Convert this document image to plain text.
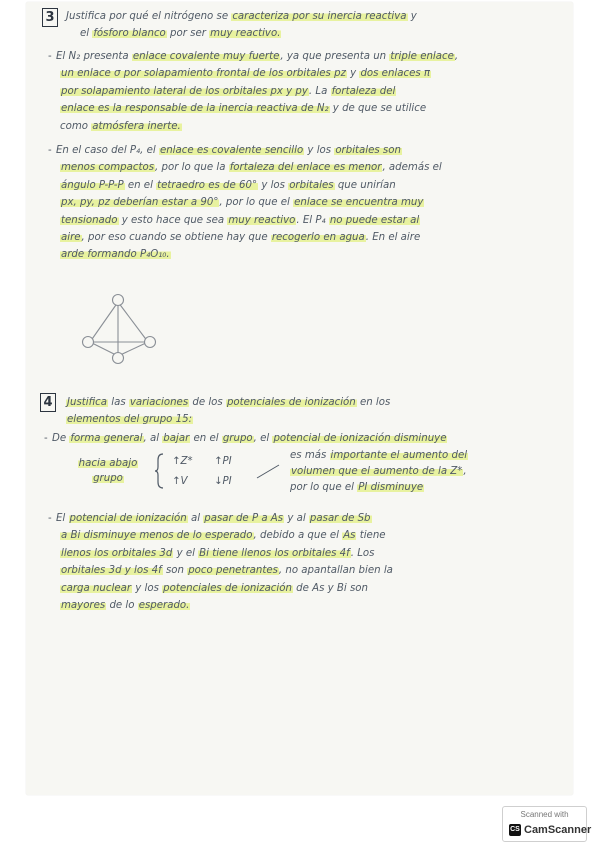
3	Justifica por qué el nitrógeno se caracteriza por su inercia reactiva y
el fósforo blanco por ser muy reactivo.
- El N₂ presenta enlace covalente muy fuerte, ya que presenta un triple enlace,
un enlace σ por solapamiento frontal de los orbitales pz y dos enlaces π
por solapamiento lateral de los orbitales px y py. La fortaleza del
enlace es la responsable de la inercia reactiva de N₂ y de que se utilice
como atmósfera inerte.
- En el caso del P₄, el enlace es covalente sencillo y los orbitales son
menos compactos, por lo que la fortaleza del enlace es menor, además el
ángulo P-P-P en el tetraedro es de 60° y los orbitales que unirían
px, py, pz deberían estar a 90°, por lo que el enlace se encuentra muy
tensionado y esto hace que sea muy reactivo. El P₄ no puede estar al
aire, por eso cuando se obtiene hay que recogerlo en agua. En el aire
arde formando P₄O₁₀.
4	Justifica las variaciones de los potenciales de ionización en los
elementos del grupo 15:
- De forma general, al bajar en el grupo, el potencial de ionización disminuye
hacia abajo
grupo
↑Z*
↑V
↑PI
↓PI
es más importante el aumento del
volumen que el aumento de la Z*,
por lo que el PI disminuye
- El potencial de ionización al pasar de P a As y al pasar de Sb
a Bi disminuye menos de lo esperado, debido a que el As tiene
llenos los orbitales 3d y el Bi tiene llenos los orbitales 4f. Los
orbitales 3d y los 4f son poco penetrantes, no apantallan bien la
carga nuclear y los potenciales de ionización de As y Bi son
mayores de lo esperado.
Scanned with
CS CamScanner
